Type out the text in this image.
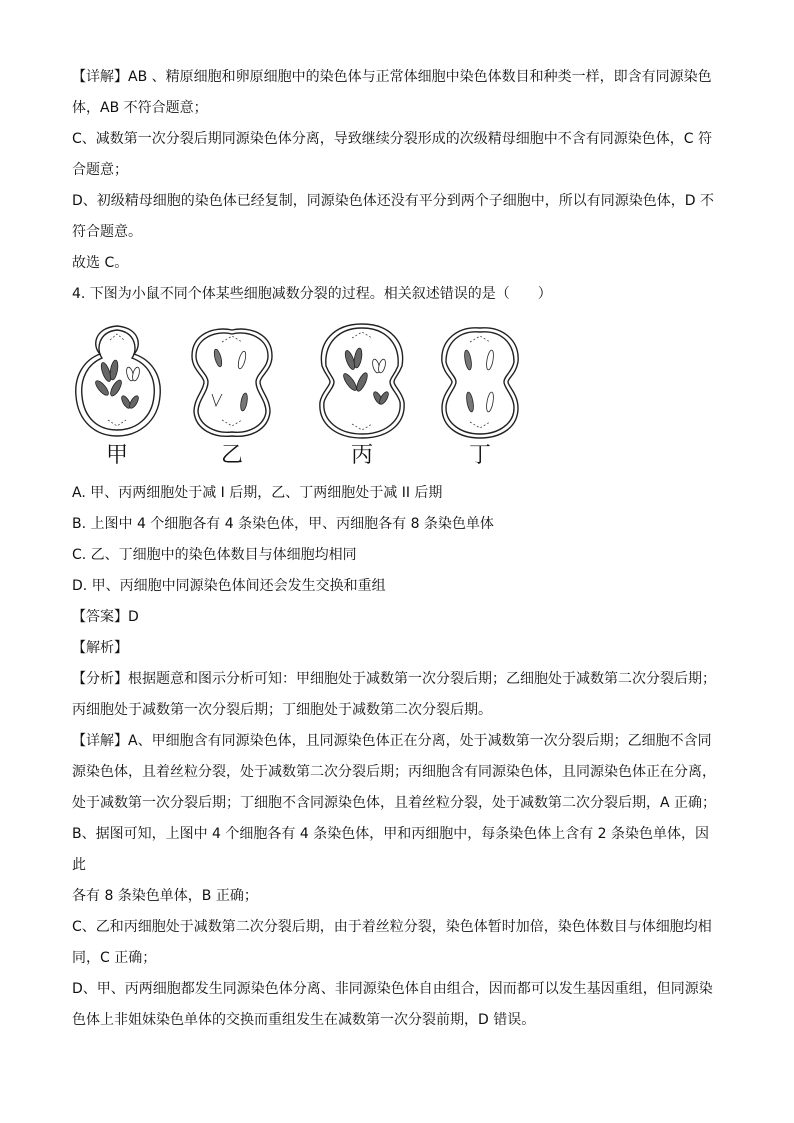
【详解】AB 、精原细胞和卵原细胞中的染色体与正常体细胞中染色体数目和种类一样，即含有同源染色

体，AB 不符合题意；

C、减数第一次分裂后期同源染色体分离，导致继续分裂形成的次级精母细胞中不含有同源染色体，C 符

合题意；

D、初级精母细胞的染色体已经复制，同源染色体还没有平分到两个子细胞中，所以有同源染色体，D 不

符合题意。

故选 C。

4. 下图为小鼠不同个体某些细胞减数分裂的过程。相关叙述错误的是（　　）

甲	乙	丙	丁

A. 甲、丙两细胞处于减 I 后期，乙、丁两细胞处于减 II 后期

B. 上图中 4 个细胞各有 4 条染色体，甲、丙细胞各有 8 条染色单体

C. 乙、丁细胞中的染色体数目与体细胞均相同

D. 甲、丙细胞中同源染色体间还会发生交换和重组

【答案】D

【解析】

【分析】根据题意和图示分析可知：甲细胞处于减数第一次分裂后期；乙细胞处于减数第二次分裂后期；

丙细胞处于减数第一次分裂后期；丁细胞处于减数第二次分裂后期。

【详解】A、甲细胞含有同源染色体，且同源染色体正在分离，处于减数第一次分裂后期；乙细胞不含同

源染色体，且着丝粒分裂，处于减数第二次分裂后期；丙细胞含有同源染色体，且同源染色体正在分离，

处于减数第一次分裂后期；丁细胞不含同源染色体，且着丝粒分裂，处于减数第二次分裂后期，A 正确；

B、据图可知，上图中 4 个细胞各有 4 条染色体，甲和丙细胞中，每条染色体上含有 2 条染色单体，因此

各有 8 条染色单体，B 正确；

C、乙和丙细胞处于减数第二次分裂后期，由于着丝粒分裂，染色体暂时加倍，染色体数目与体细胞均相

同，C 正确；

D、甲、丙两细胞都发生同源染色体分离、非同源染色体自由组合，因而都可以发生基因重组，但同源染

色体上非姐妹染色单体的交换而重组发生在减数第一次分裂前期，D 错误。
